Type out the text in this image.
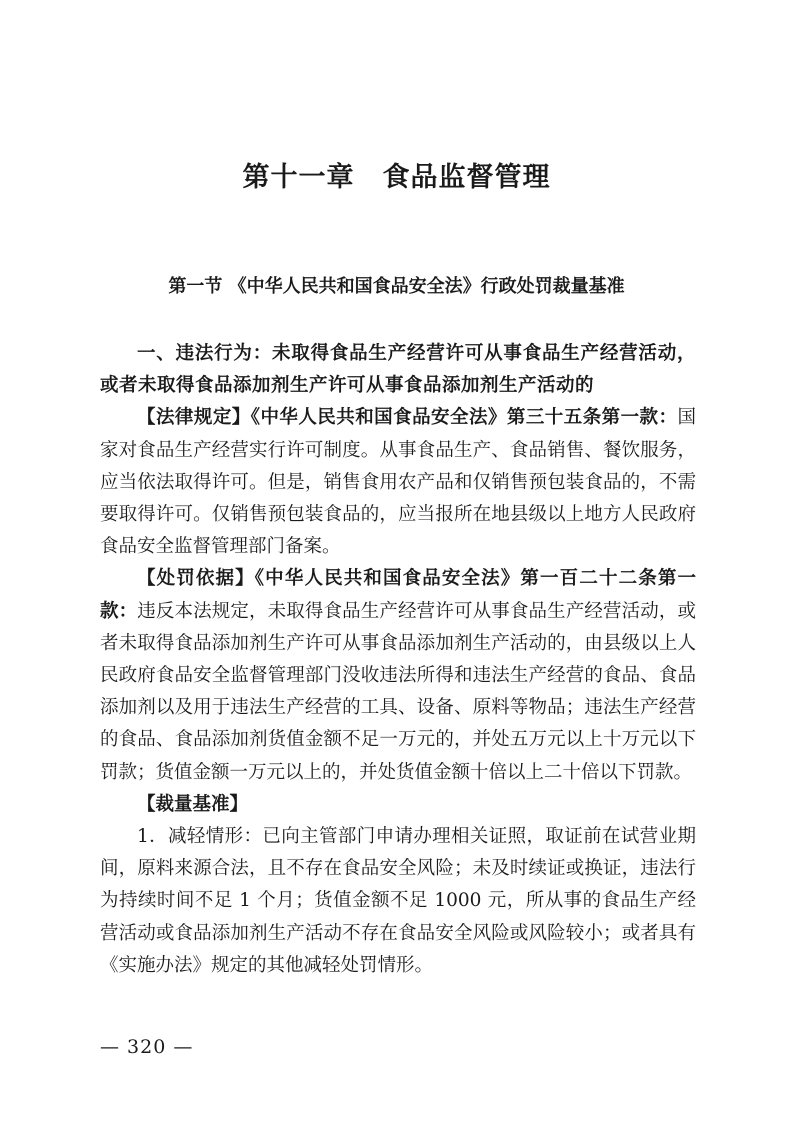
第十一章　食品监督管理
第一节 《中华人民共和国食品安全法》行政处罚裁量基准

一、违法行为：未取得食品生产经营许可从事食品生产经营活动，或者未取得食品添加剂生产许可从事食品添加剂生产活动的

【法律规定】《中华人民共和国食品安全法》第三十五条第一款：国家对食品生产经营实行许可制度。从事食品生产、食品销售、餐饮服务，应当依法取得许可。但是，销售食用农产品和仅销售预包装食品的，不需要取得许可。仅销售预包装食品的，应当报所在地县级以上地方人民政府食品安全监督管理部门备案。

【处罚依据】《中华人民共和国食品安全法》第一百二十二条第一款：违反本法规定，未取得食品生产经营许可从事食品生产经营活动，或者未取得食品添加剂生产许可从事食品添加剂生产活动的，由县级以上人民政府食品安全监督管理部门没收违法所得和违法生产经营的食品、食品添加剂以及用于违法生产经营的工具、设备、原料等物品；违法生产经营的食品、食品添加剂货值金额不足一万元的，并处五万元以上十万元以下罚款；货值金额一万元以上的，并处货值金额十倍以上二十倍以下罚款。

【裁量基准】

1．减轻情形：已向主管部门申请办理相关证照，取证前在试营业期间，原料来源合法，且不存在食品安全风险；未及时续证或换证，违法行为持续时间不足 1 个月；货值金额不足 1000 元，所从事的食品生产经营活动或食品添加剂生产活动不存在食品安全风险或风险较小；或者具有《实施办法》规定的其他减轻处罚情形。

— 320 —
